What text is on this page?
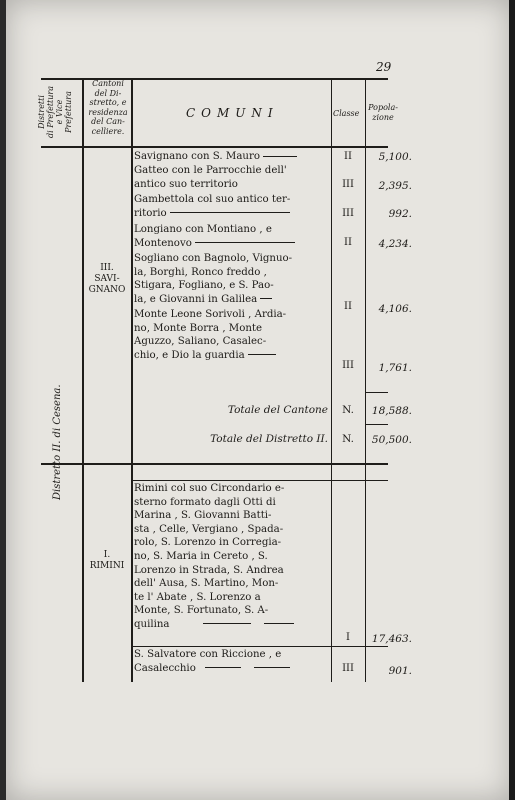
29
Distretti
di Prefettura
e Vice
Prefettura
Cantoni
del Di-
stretto, e
residenza
del Can-
celliere.
COMUNI	Classe
Popola-
zione
Distretto II. di Cesena.
III.
SAVI-
GNANO
Savignano con S. Mauro	II	5,100.
Gatteo con le Parrocchie dell'
antico suo territorio	III	2,395.
Gambettola col suo antico ter-
ritorio	III	992.
Longiano con Montiano , e
Montenovo	II	4,234.
Sogliano con Bagnolo, Vignuo-
la, Borghi, Ronco freddo ,
Stigara, Fogliano, e S. Pao-
la, e Giovanni in Galilea
II	4,106.
Monte Leone Sorivoli , Ardia-
no, Monte Borra , Monte
Aguzzo, Saliano, Casalec-
chio, e Dio la guardia
III	1,761.
Totale del Cantone	N.	18,588.
Totale del Distretto II.	N.	50,500.
I.
RIMINI
Rimini col suo Circondario e-
sterno formato dagli Otti di
Marina , S. Giovanni Batti-
sta , Celle, Vergiano , Spada-
rolo, S. Lorenzo in Corregia-
no, S. Maria in Cereto , S.
Lorenzo in Strada, S. Andrea
dell' Ausa, S. Martino, Mon-
te l' Abate , S. Lorenzo a
Monte, S. Fortunato, S. A-
quilina
I	17,463.
S. Salvatore con Riccione , e
Casalecchio	III	901.
